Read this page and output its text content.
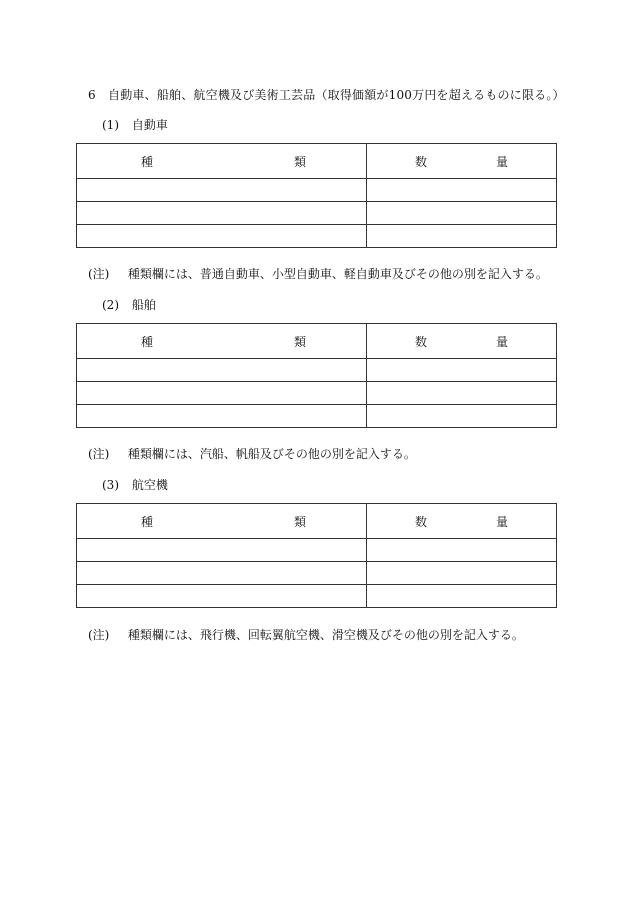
6　自動車、船舶、航空機及び美術工芸品（取得価額が100万円を超えるものに限る。）
(1) 自動車
種 類	数 量

(注) 種類欄には、普通自動車、小型自動車、軽自動車及びその他の別を記入する。
(2) 船舶
種 類	数 量

(注) 種類欄には、汽船、帆船及びその他の別を記入する。
(3) 航空機
種 類	数 量

(注) 種類欄には、飛行機、回転翼航空機、滑空機及びその他の別を記入する。
